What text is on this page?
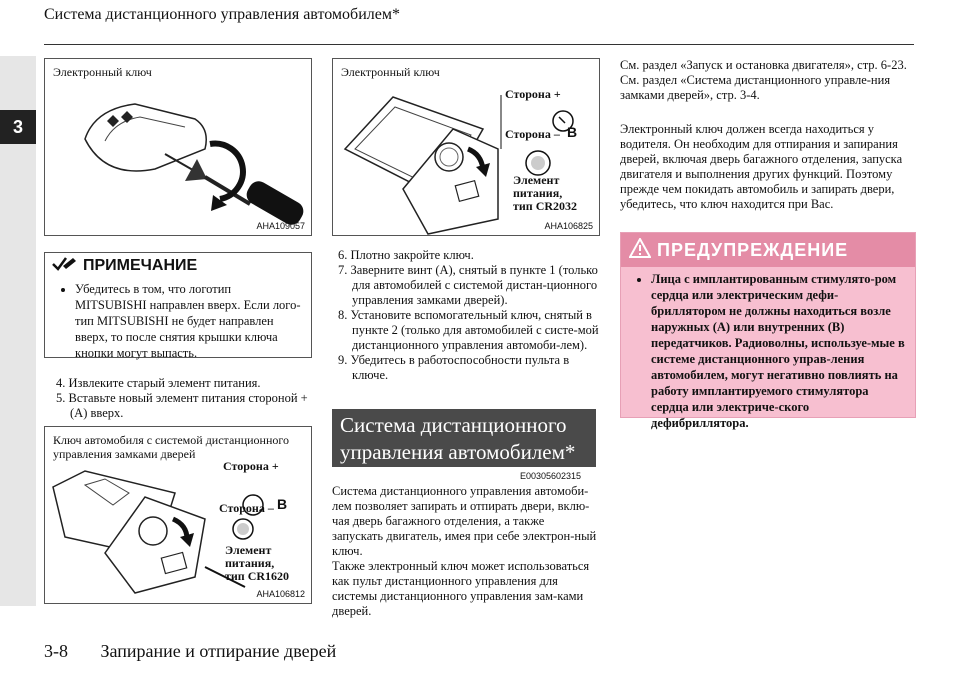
3
Система дистанционного управления автомобилем*
Электронный ключ
AHA109057
Электронный ключ
Сторона +
Сторона – B
Элемент
питания,
тип CR2032
AHA106825
ПРИМЕЧАНИЕ
• Убедитесь в том, что логотип MITSUBISHI направлен вверх. Если лого-тип MITSUBISHI не будет направлен вверх, то после снятия крышки ключа кнопки могут выпасть.
4. Извлеките старый элемент питания.
5. Вставьте новый элемент питания стороной + (A) вверх.
Ключ автомобиля с системой дистанционного
управления замками дверей
Сторона +
Сторона – B
Элемент
питания,
тип CR1620
AHA106812
6. Плотно закройте ключ.
7. Заверните винт (A), снятый в пункте 1 (только для автомобилей с системой дистан-ционного управления замками дверей).
8. Установите вспомогательный ключ, снятый в пункте 2 (только для автомобилей с систе-мой дистанционного управления автомоби-лем).
9. Убедитесь в работоспособности пульта в ключе.
Система дистанционного управления автомобилем*
E00305602315
Система дистанционного управления автомоби-лем позволяет запирать и отпирать двери, вклю-чая дверь багажного отделения, а также запускать двигатель, имея при себе электрон-ный ключ.
Также электронный ключ может использоваться как пульт дистанционного управления для системы дистанционного управления зам-ками дверей.
См. раздел «Запуск и остановка двигателя», стр. 6-23.
См. раздел «Система дистанционного управле-ния замками дверей», стр. 3-4.
Электронный ключ должен всегда находиться у водителя. Он необходим для отпирания и запирания дверей, включая дверь багажного отделения, запуска двигателя и выполнения других функций. Поэтому прежде чем покидать автомобиль и запирать двери, убедитесь, что ключ находится при Вас.
ПРЕДУПРЕЖДЕНИЕ
• Лица с имплантированным стимулято-ром сердца или электрическим дефи-бриллятором не должны находиться возле наружных (A) или внутренних (B) передатчиков. Радиоволны, используе-мые в системе дистанционного управ-ления автомобилем, могут негативно повлиять на работу имплантируемого стимулятора сердца или электриче-ского дефибриллятора.
3-8 Запирание и отпирание дверей
